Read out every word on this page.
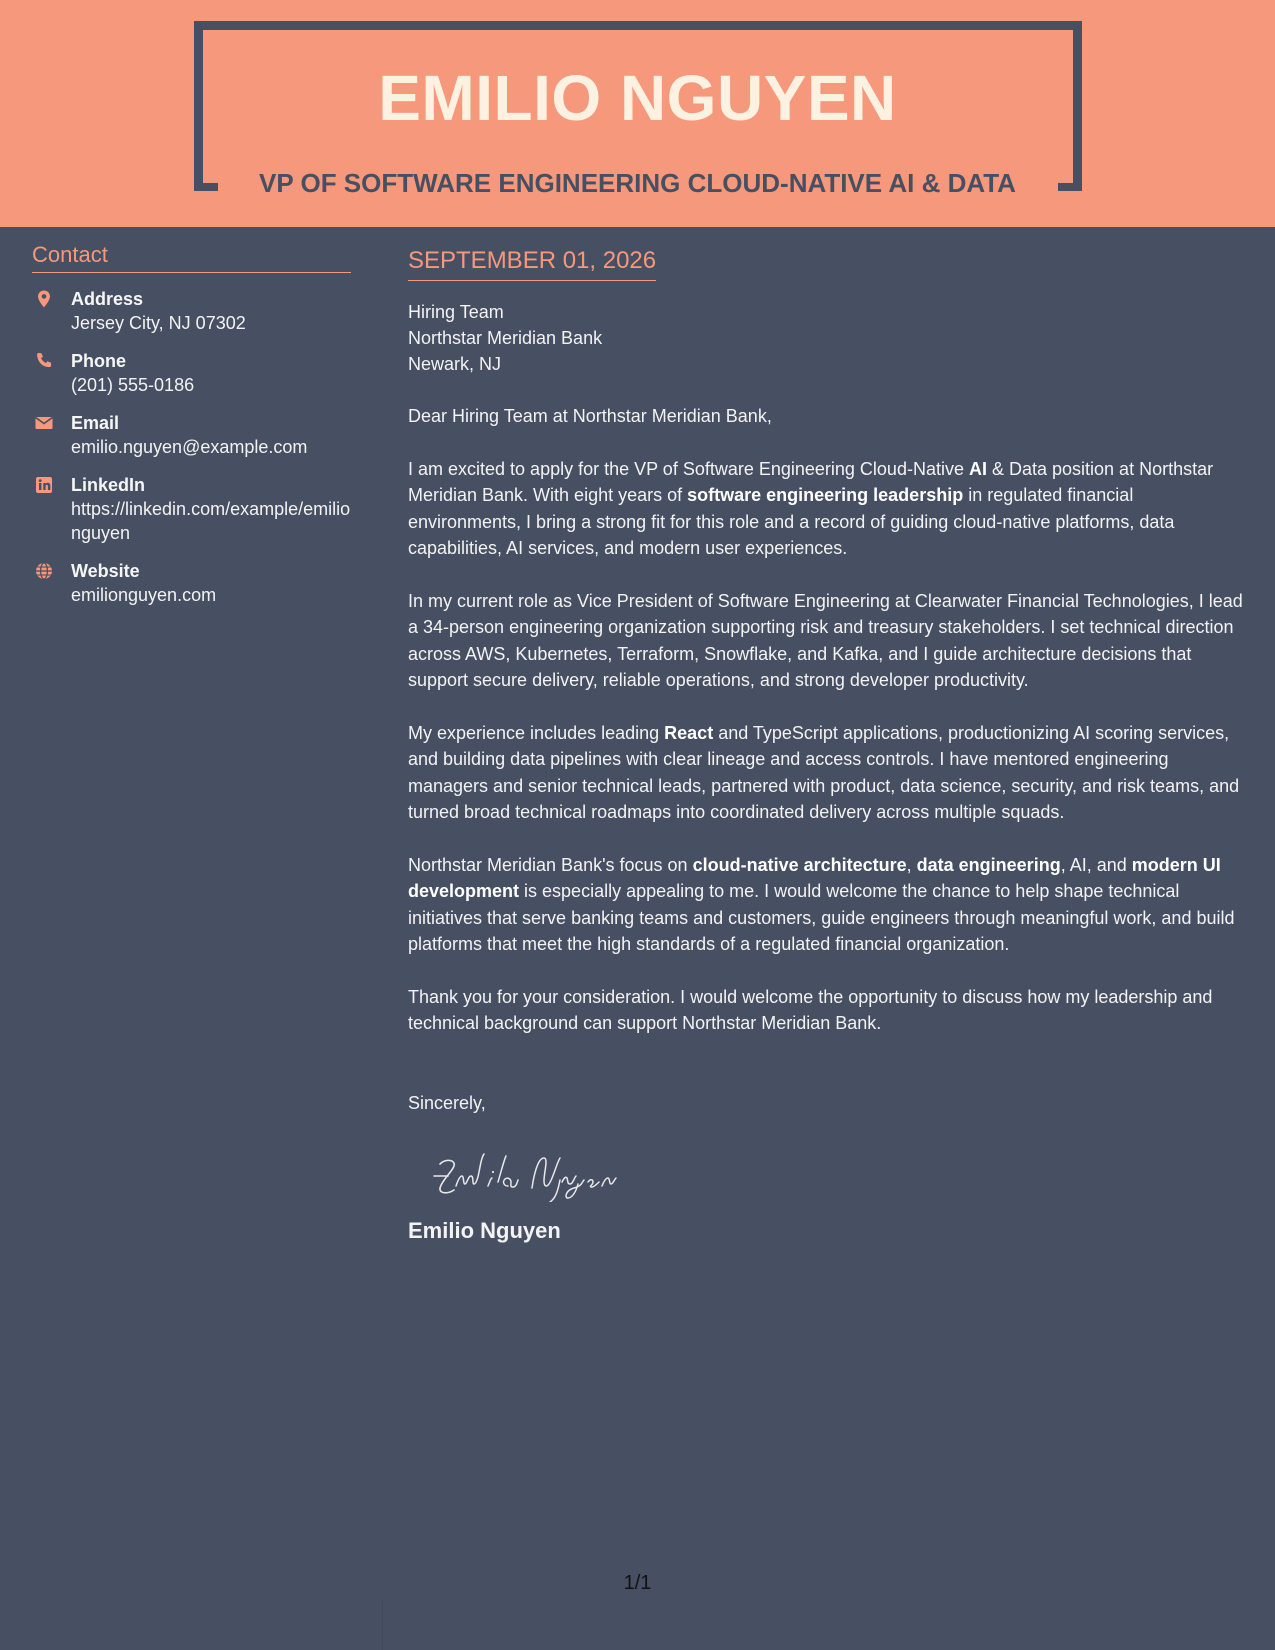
EMILIO NGUYEN
VP OF SOFTWARE ENGINEERING CLOUD-NATIVE AI & DATA
Contact
Address
Jersey City, NJ 07302
Phone
(201) 555-0186
Email
emilio.nguyen@example.com
LinkedIn
https://linkedin.com/example/emilionguyen
Website
emilionguyen.com
SEPTEMBER 01, 2026
Hiring Team
Northstar Meridian Bank
Newark, NJ

Dear Hiring Team at Northstar Meridian Bank,

I am excited to apply for the VP of Software Engineering Cloud-Native AI & Data position at Northstar Meridian Bank. With eight years of software engineering leadership in regulated financial environments, I bring a strong fit for this role and a record of guiding cloud-native platforms, data capabilities, AI services, and modern user experiences.

In my current role as Vice President of Software Engineering at Clearwater Financial Technologies, I lead a 34-person engineering organization supporting risk and treasury stakeholders. I set technical direction across AWS, Kubernetes, Terraform, Snowflake, and Kafka, and I guide architecture decisions that support secure delivery, reliable operations, and strong developer productivity.

My experience includes leading React and TypeScript applications, productionizing AI scoring services, and building data pipelines with clear lineage and access controls. I have mentored engineering managers and senior technical leads, partnered with product, data science, security, and risk teams, and turned broad technical roadmaps into coordinated delivery across multiple squads.

Northstar Meridian Bank's focus on cloud-native architecture, data engineering, AI, and modern UI development is especially appealing to me. I would welcome the chance to help shape technical initiatives that serve banking teams and customers, guide engineers through meaningful work, and build platforms that meet the high standards of a regulated financial organization.

Thank you for your consideration. I would welcome the opportunity to discuss how my leadership and technical background can support Northstar Meridian Bank.

Sincerely,
Emilio Nguyen
1/1
